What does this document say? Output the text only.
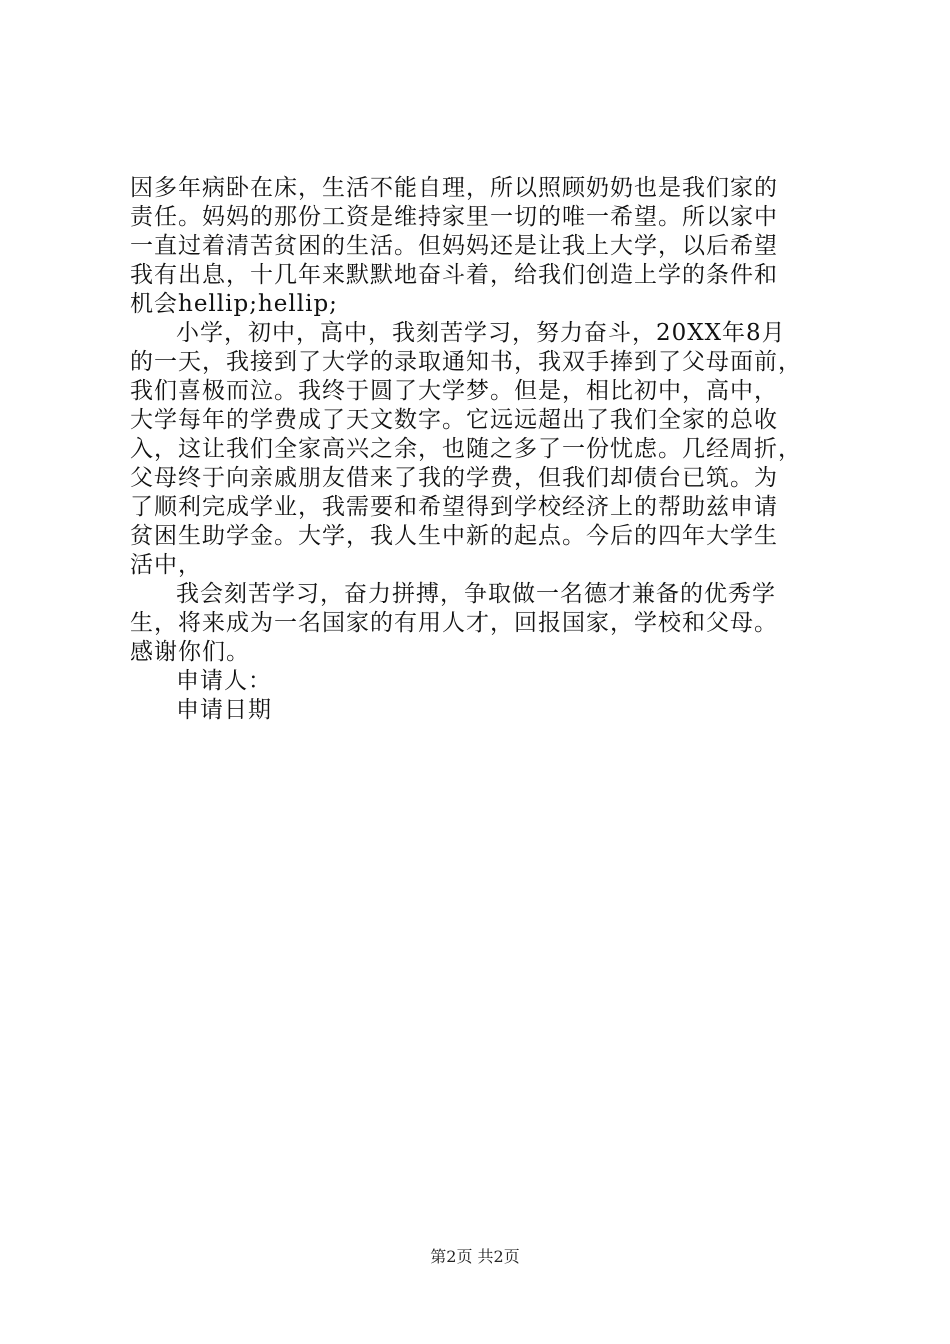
因多年病卧在床，生活不能自理，所以照顾奶奶也是我们家的
责任。妈妈的那份工资是维持家里一切的唯一希望。所以家中
一直过着清苦贫困的生活。但妈妈还是让我上大学，以后希望
我有出息，十几年来默默地奋斗着，给我们创造上学的条件和
机会hellip;hellip;
小学，初中，高中，我刻苦学习，努力奋斗，20XX年8月
的一天，我接到了大学的录取通知书，我双手捧到了父母面前，
我们喜极而泣。我终于圆了大学梦。但是，相比初中，高中，
大学每年的学费成了天文数字。它远远超出了我们全家的总收
入，这让我们全家高兴之余，也随之多了一份忧虑。几经周折，
父母终于向亲戚朋友借来了我的学费，但我们却债台已筑。为
了顺利完成学业，我需要和希望得到学校经济上的帮助兹申请
贫困生助学金。大学，我人生中新的起点。今后的四年大学生
活中，
我会刻苦学习，奋力拼搏，争取做一名德才兼备的优秀学
生，将来成为一名国家的有用人才，回报国家，学校和父母。
感谢你们。
申请人：
申请日期
第2页 共2页
